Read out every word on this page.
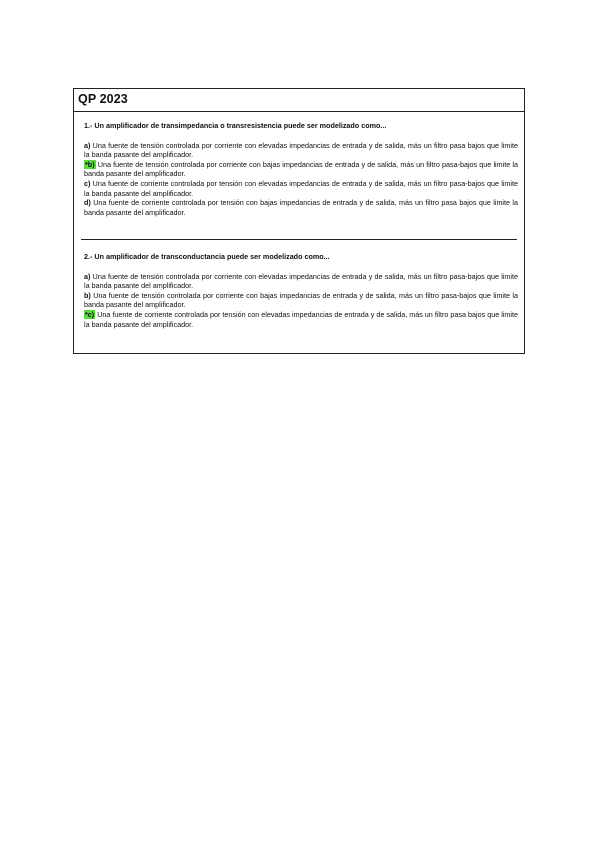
QP 2023
1.- Un amplificador de transimpedancia o transresistencia puede ser modelizado como...

a) Una fuente de tensión controlada por corriente con elevadas impedancias de entrada y de salida, más un filtro pasa bajos que limite la banda pasante del amplificador.

*b) Una fuente de tensión controlada por corriente con bajas impedancias de entrada y de salida, más un filtro pasa-bajos que limite la banda pasante del amplificador.

c) Una fuente de corriente controlada por tensión con elevadas impedancias de entrada y de salida, más un filtro pasa-bajos que limite la banda pasante del amplificador.

d) Una fuente de corriente controlada por tensión con bajas impedancias de entrada y de salida, más un filtro pasa bajos que limite la banda pasante del amplificador.

2.- Un amplificador de transconductancia puede ser modelizado como...

a) Una fuente de tensión controlada por corriente con elevadas impedancias de entrada y de salida, más un filtro pasa-bajos que limite la banda pasante del amplificador.

b) Una fuente de tensión controlada por corriente con bajas impedancias de entrada y de salida, más un filtro pasa-bajos que limite la banda pasante del amplificador.

*c) Una fuente de corriente controlada por tensión con elevadas impedancias de entrada y de salida, más un filtro pasa bajos que limite la banda pasante del amplificador.
